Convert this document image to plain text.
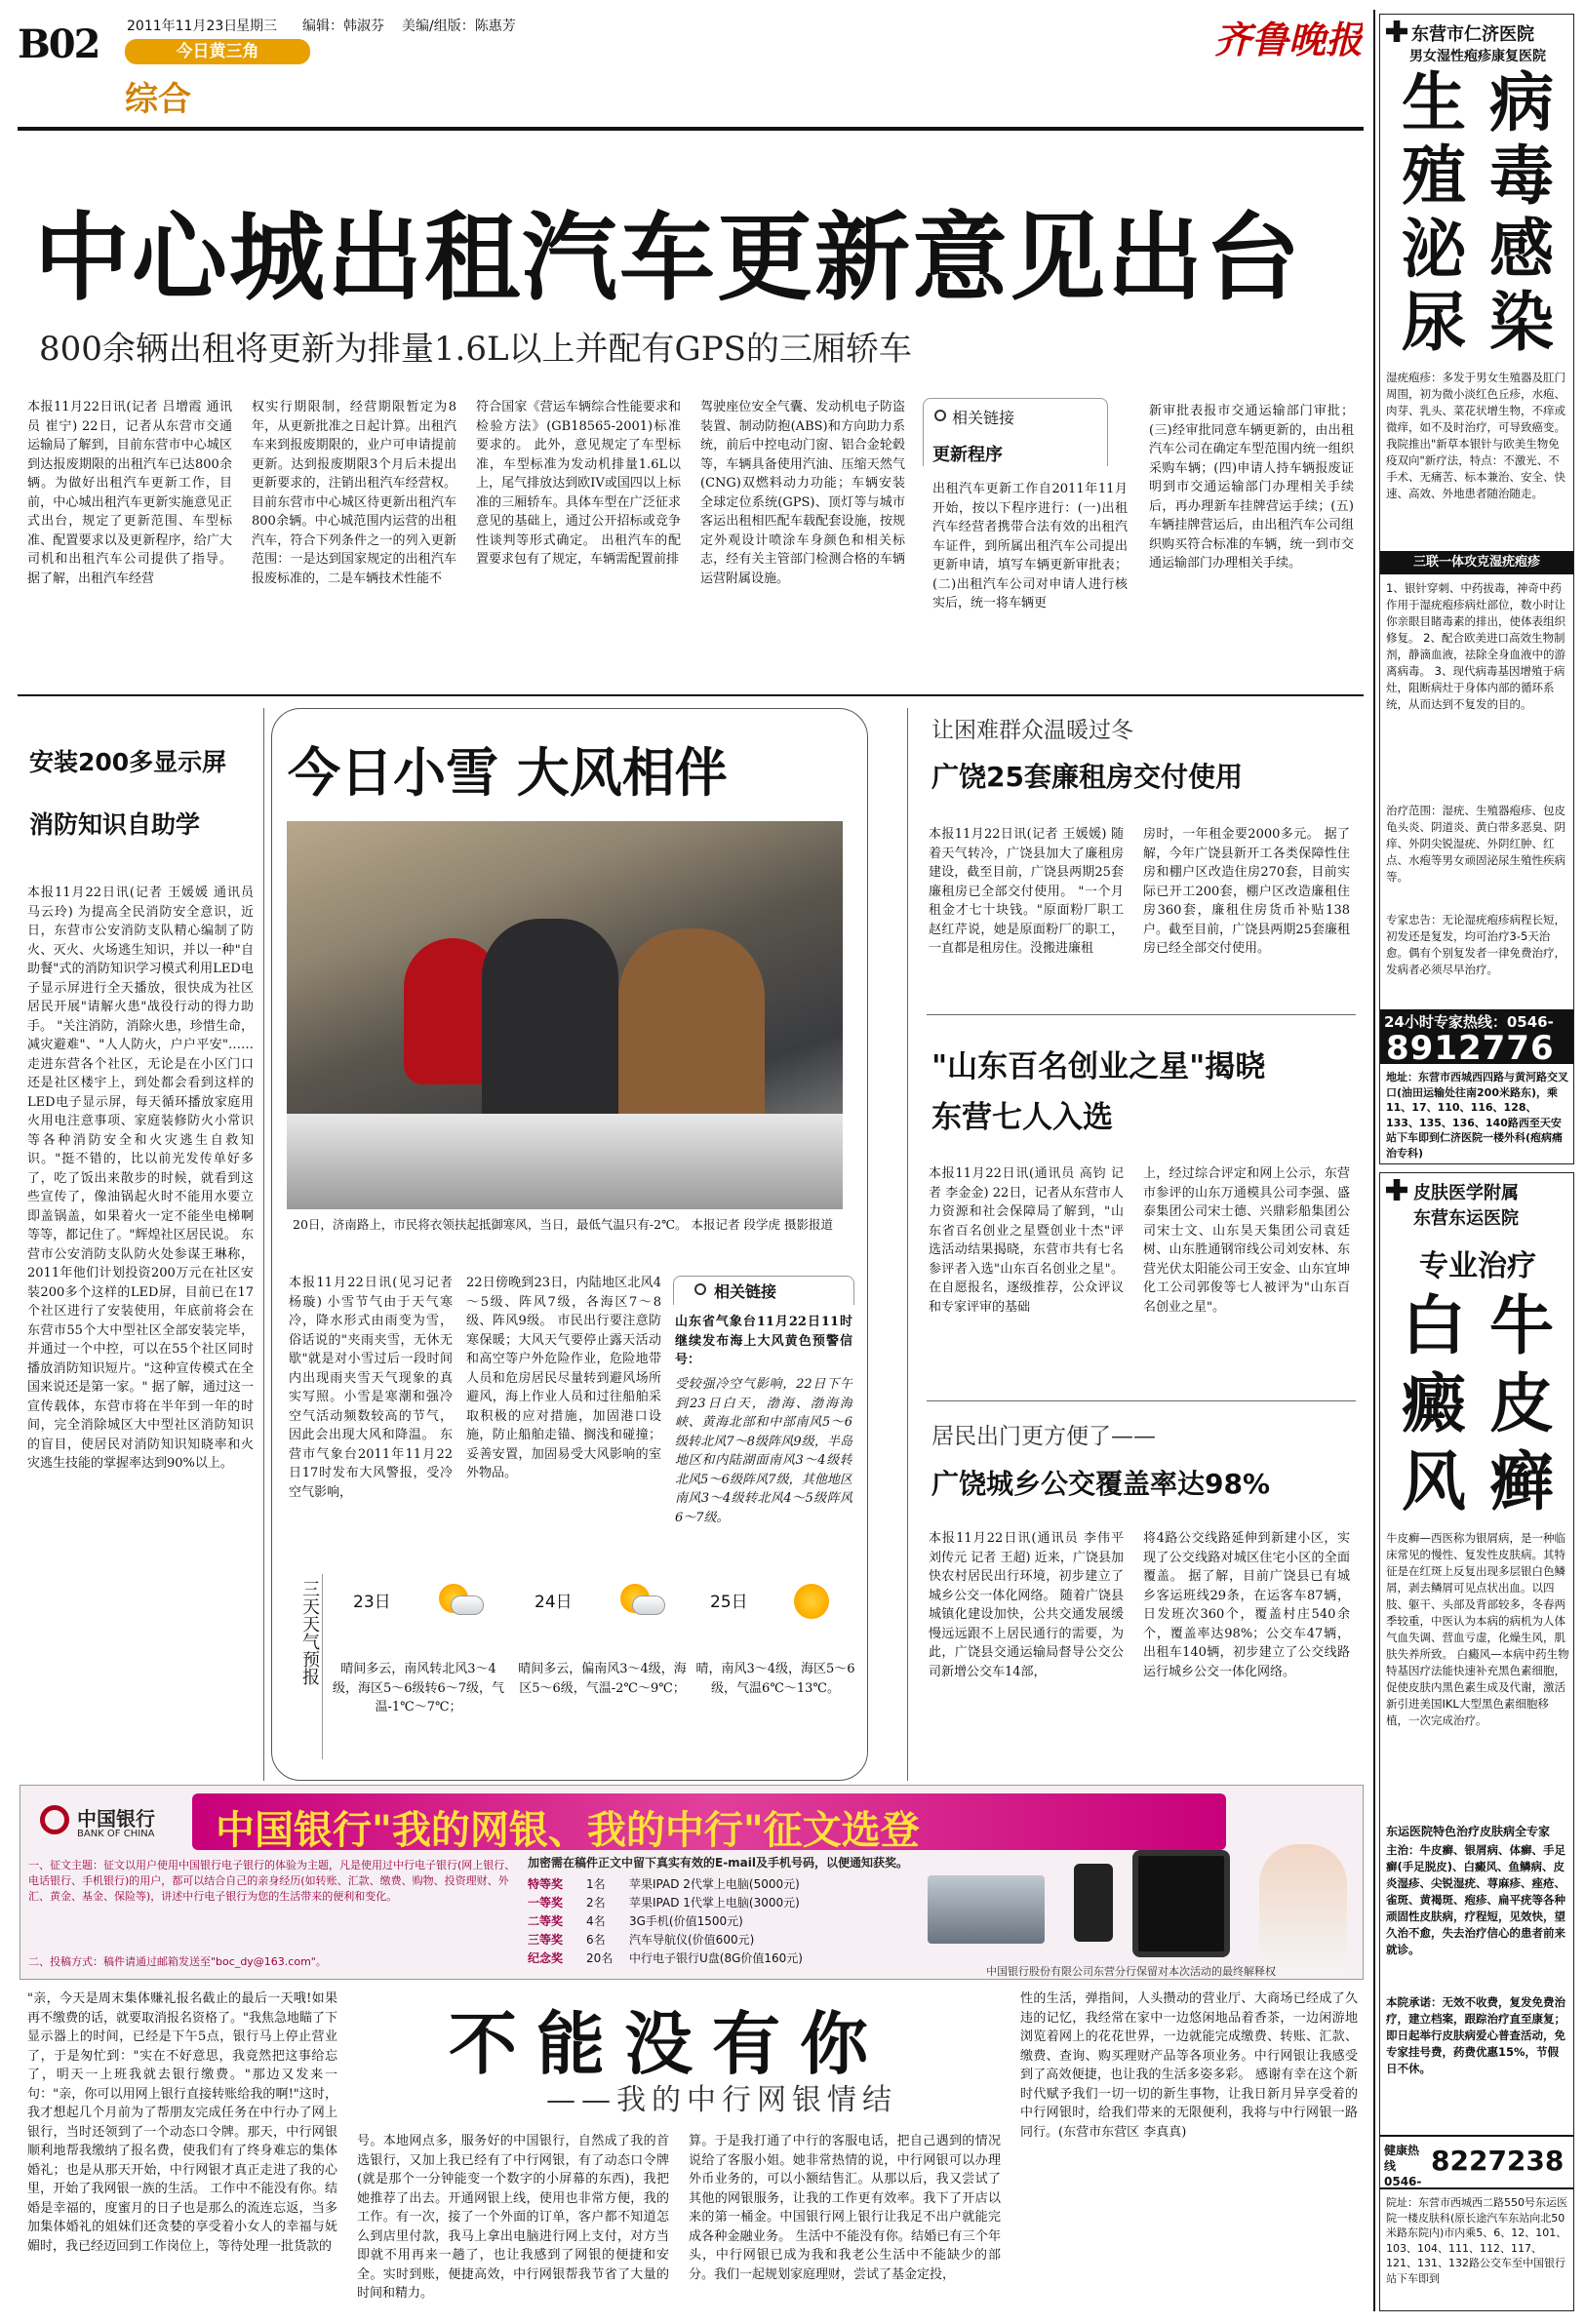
B02 2011年11月23日
星期三 编辑：韩淑芬 美编/组版：陈惠芳
今日黄三角
综合
齐鲁晚报
中心城出租汽车更新意见出台
800余辆出租将更新为排量1.6L以上并配有GPS的三厢轿车
本报11月22日讯(记者 吕增霞 通讯员 崔宁) 22日，记者从东营市交通运输局了解到，目前东营市中心城区到达报废期限的出租汽车已达800余辆。为做好出租汽车更新工作，目前，中心城出租汽车更新实施意见正式出台，规定了更新范围、车型标准、配置要求以及更新程序，给广大司机和出租汽车公司提供了指导。 据了解，出租汽车经营
权实行期限制，经营期限暂定为8年，从更新批准之日起计算。出租汽车来到报废期限的，业户可申请提前更新。达到报废期限3个月后未提出更新要求的，注销出租汽车经营权。目前东营市中心城区待更新出租汽车800余辆。中心城范围内运营的出租汽车，符合下列条件之一的列入更新范围：一是达到国家规定的出租汽车报废标准的，二是车辆技术性能不
符合国家《营运车辆综合性能要求和检验方法》(GB18565-2001)标准要求的。 此外，意见规定了车型标准，车型标准为发动机排量1.6L以上，尾气排放达到欧IV或国四以上标准的三厢轿车。具体车型在广泛征求意见的基础上，通过公开招标或竞争性谈判等形式确定。 出租汽车的配置要求包有了规定，车辆需配置前排
驾驶座位安全气囊、发动机电子防盗装置、制动防抱(ABS)和方向助力系统，前后中控电动门窗、铝合金轮毂等，车辆具备使用汽油、压缩天然气(CNG)双燃料动力功能；车辆安装全球定位系统(GPS)、顶灯等与城市客运出租相匹配车载配套设施，按规定外观设计喷涂车身颜色和相关标志，经有关主管部门检测合格的车辆运营附属设施。
相关链接
更新程序
出租汽车更新工作自2011年11月开始，按以下程序进行：(一)出租汽车经营者携带合法有效的出租汽车证件，到所属出租汽车公司提出更新申请，填写车辆更新审批表；(二)出租汽车公司对申请人进行核实后，统一将车辆更
新审批表报市交通运输部门审批；(三)经审批同意车辆更新的，由出租汽车公司在确定车型范围内统一组织采购车辆；(四)申请人持车辆报废证明到市交通运输部门办理相关手续后，再办理新车挂牌营运手续；(五)车辆挂牌营运后，由出租汽车公司组织购买符合标准的车辆，统一到市交通运输部门办理相关手续。
安装200多显示屏
消防知识自助学
本报11月22日讯(记者 王媛媛 通讯员 马云玲) 为提高全民消防安全意识，近日，东营市公安消防支队精心编制了防火、灭火、火场逃生知识，并以一种"自助餐"式的消防知识学习模式利用LED电子显示屏进行全天播放，很快成为社区居民开展"请解火患"战役行动的得力助手。 "关注消防，消除火患，珍惜生命，减灾避难"、"人人防火，户户平安"……走进东营各个社区，无论是在小区门口还是社区楼宇上，到处都会看到这样的LED电子显示屏，每天循环播放家庭用火用电注意事项、家庭装修防火小常识等各种消防安全和火灾逃生自救知识。"挺不错的，比以前光发传单好多了，吃了饭出来散步的时候，就看到这些宣传了，像油锅起火时不能用水要立即盖锅盖，如果着火一定不能坐电梯啊等等，都记住了。"辉煌社区居民说。 东营市公安消防支队防火处参谋王琳称，2011年他们计划投资200万元在社区安装200多个这样的LED屏，目前已在17个社区进行了安装使用，年底前将会在东营市55个大中型社区全部安装完毕，并通过一个中控，可以在55个社区同时播放消防知识短片。"这种宣传模式在全国来说还是第一家。" 据了解，通过这一宣传载体，东营市将在半年到一年的时间，完全消除城区大中型社区消防知识的盲目，使居民对消防知识知晓率和火灾逃生技能的掌握率达到90%以上。
今日小雪 大风相伴
20日，济南路上，市民将衣领扶起抵御寒风，当日，最低气温只有-2℃。 本报记者 段学虎 摄影报道
本报11月22日讯(见习记者 杨璇) 小雪节气由于天气寒冷，降水形式由雨变为雪，俗话说的"夹雨夹雪，无休无歇"就是对小雪过后一段时间内出现雨夹雪天气现象的真实写照。小雪是寒潮和强冷空气活动频数较高的节气，因此会出现大风和降温。 东营市气象台2011年11月22日17时发布大风警报，受冷空气影响，
22日傍晚到23日，内陆地区北风4～5级、阵风7级，各海区7～8级、阵风9级。 市民出行要注意防寒保暖；大风天气要停止露天活动和高空等户外危险作业，危险地带人员和危房居民尽量转到避风场所避风，海上作业人员和过往船舶采取积极的应对措施，加固港口设施，防止船舶走锚、搁浅和碰撞；妥善安置，加固易受大风影响的室外物品。
相关链接
山东省气象台11月22日11时继续发布海上大风黄色预警信号：
受较强冷空气影响，22日下午到23日白天，渤海、渤海海峡、黄海北部和中部南风5～6级转北风7～8级阵风9级，半岛地区和内陆湖面南风3～4级转北风5～6级阵风7级，其他地区南风3～4级转北风4～5级阵风6～7级。
三天天气预报 23日
晴间多云，南风转北风3～4级，海区5～6级转6～7级，气温-1℃～7℃；
24日
晴间多云，偏南风3～4级，海区5～6级，气温-2℃～9℃；
25日
晴，南风3～4级，海区5～6级，气温6℃～13℃。
让困难群众温暖过冬
广饶25套廉租房交付使用
本报11月22日讯(记者 王媛媛) 随着天气转冷，广饶县加大了廉租房建设，截至目前，广饶县两期25套廉租房已全部交付使用。 "一个月租金才七十块钱。"原面粉厂职工赵红芹说，她是原面粉厂的职工，一直都是租房住。没搬进廉租
房时，一年租金要2000多元。 据了解，今年广饶县新开工各类保障性住房和棚户区改造住房270套，目前实际已开工200套，棚户区改造廉租住房360套，廉租住房货币补贴138户。截至目前，广饶县两期25套廉租房已经全部交付使用。
"山东百名创业之星"揭晓
东营七人入选
本报11月22日讯(通讯员 高钧 记者 李金金) 22日，记者从东营市人力资源和社会保障局了解到，"山东省百名创业之星暨创业十杰"评选活动结果揭晓，东营市共有七名参评者入选"山东百名创业之星"。 在自愿报名，逐级推荐，公众评议和专家评审的基础
上，经过综合评定和网上公示，东营市参评的山东万通模具公司李强、盛泰集团公司宋士德、兴鼎彩船集团公司宋士文、山东昊天集团公司袁廷树、山东胜通钢帘线公司刘安林、东营光伏太阳能公司王安金、山东宜坤化工公司郭俊等七人被评为"山东百名创业之星"。
居民出门更方便了——
广饶城乡公交覆盖率达98%
本报11月22日讯(通讯员 李伟平 刘传元 记者 王超) 近来，广饶县加快农村居民出行环境，初步建立了城乡公交一体化网络。 随着广饶县城镇化建设加快，公共交通发展缓慢远远跟不上居民通行的需要，为此，广饶县交通运输局督导公交公司新增公交车14部，
将4路公交线路延伸到新建小区，实现了公交线路对城区住宅小区的全面覆盖。 据了解，目前广饶县已有城乡客运班线29条，在运客车87辆，日发班次360个，覆盖村庄540余个，覆盖率达98%；公交车47辆，出租车140辆，初步建立了公交线路运行城乡公交一体化网络。
中国银行
BANK OF CHINA 中国银行"我的网银、我的中行"征文选登
一、征文主题：征文以用户使用中国银行电子银行的体验为主题，凡是使用过中行电子银行(网上银行、电话银行、手机银行)的用户，都可以结合自己的亲身经历(如转账、汇款、缴费、购物、投资理财、外汇、黄金、基金、保险等)，讲述中行电子银行为您的生活带来的便利和变化。
二、投稿方式：稿件请通过邮箱发送至"boc_dy@163.com"。
加密需在稿件正文中留下真实有效的E-mail及手机号码，以便通知获奖。
特等奖	1名	苹果IPAD 2代掌上电脑(5000元)
一等奖	2名	苹果IPAD 1代掌上电脑(3000元)
二等奖	4名	3G手机(价值1500元)
三等奖	6名	汽车导航仪(价值600元)
纪念奖	20名	中行电子银行U盘(8G价值160元)
中国银行股份有限公司东营分行保留对本次活动的最终解释权
"亲，今天是周末集体赚礼报名截止的最后一天哦!如果再不缴费的话，就要取消报名资格了。"我焦急地瞄了下显示器上的时间，已经是下午5点，银行马上停止营业了，于是匆忙到："实在不好意思，我竟然把这事给忘了，明天一上班我就去银行缴费。"那边又发来一句："亲，你可以用网上银行直接转账给我的啊!"这时，我才想起几个月前为了帮朋友完成任务在中行办了网上银行，当时还领到了一个动态口令牌。那天，中行网银顺利地帮我缴纳了报名费，使我们有了终身难忘的集体婚礼；也是从那天开始，中行网银才真正走进了我的心里，开始了我网银一族的生活。 工作中不能没有你。结婚是幸福的，度蜜月的日子也是那么的流连忘返，当多加集体婚礼的姐妹们还贪婪的享受着小女人的幸福与妩媚时，我已经迈回到工作岗位上，等待处理一批货款的
不能没有你
——我的中行网银情结
号。本地网点多，服务好的中国银行，自然成了我的首选银行，又加上我已经有了中行网银，有了动态口令牌(就是那个一分钟能变一个数字的小屏幕的东西)，我把她推荐了出去。开通网银上线，使用也非常方便，我的工作。有一次，接了一个外面的订单，客户都不知道怎么到店里付款，我马上拿出电脑进行网上支付，对方当即就不用再来一趟了，也让我感到了网银的便捷和安全。实时到账，便捷高效，中行网银帮我节省了大量的时间和精力。
算。于是我打通了中行的客服电话，把自己遇到的情况说给了客服小姐。她非常热情的说，中行网银可以办理外币业务的，可以小额结售汇。从那以后，我又尝试了其他的网银服务，让我的工作更有效率。我下了开店以来的第一桶金。中国银行网上银行让我足不出户就能完成各种金融业务。 生活中不能没有你。结婚已有三个年头，中行网银已成为我和我老公生活中不能缺少的部分。我们一起规划家庭理财，尝试了基金定投，
性的生活，弹指间，人头攒动的营业厅、大商场已经成了久违的记忆，我经常在家中一边悠闲地品着香茶，一边闲游地浏览着网上的花花世界，一边就能完成缴费、转账、汇款、缴费、查询、购买理财产品等各项业务。中行网银让我感受到了高效便捷，也让我的生活多姿多彩。 感谢有幸在这个新时代赋予我们一切一切的新生事物，让我日新月异享受着的中行网银时，给我们带来的无限便利，我将与中行网银一路同行。(东营市东营区 李真真)
东营市仁济医院
男女湿性疱疹康复医院
生
殖
泌
尿
病
毒
感
染
湿疣疱疹：多发于男女生殖器及肛门周围，初为微小淡红色丘疹，水疱、肉芽、乳头、菜花状增生物，不痒或微痒，如不及时治疗，可导致癌变。我院推出"新草本银针与欧美生物免疫双向"新疗法，特点：不激光、不手术、无痛苦、标本兼治、安全、快速、高效、外地患者随治随走。
三联一体攻克湿疣疱疹
1、银针穿刺、中药拔毒，神奇中药作用于湿疣疱疹病灶部位，数小时让你亲眼目睹毒素的排出，使体表组织修复。 2、配合欧美进口高效生物制剂，静滴血液，祛除全身血液中的游离病毒。 3、现代病毒基因增殖于病灶，阻断病灶于身体内部的循环系统，从而达到不复发的目的。
治疗范围：湿疣、生殖器疱疹、包皮龟头炎、阴道炎、黄白带多恶臭、阴痒、外阴尖锐湿疣、外阴红肿、红点、水疱等男女顽固泌尿生殖性疾病等。
专家忠告：无论湿疣疱疹病程长短，初发还是复发，均可治疗3-5天治愈。偶有个别复发者一律免费治疗，发病者必须尽早治疗。
24小时专家热线：0546-
8912776
地址：东营市西城西四路与黄河路交叉口(油田运输处往南200米路东)，乘11、17、110、116、128、133、135、136、140路西至天安站下车即到仁济医院一楼外科(疱病痛治专科)
皮肤医学附属
东营东运医院
专业治疗
白
癜
风
牛
皮
癣
牛皮癣—西医称为银屑病，是一种临床常见的慢性、复发性皮肤病。其特征是在红斑上反复出现多层银白色鳞屑，剥去鳞屑可见点状出血。以四肢、躯干、头部及背部较多，冬春两季较重，中医认为本病的病机为人体气血失调、营血亏虚，化燥生风，肌肤失养所致。 白癜风—本病中药生物特基因疗法能快速补充黑色素细胞，促使皮肤内黑色素生成及代谢，激活新引进美国IKL大型黑色素细胞移植，一次完成治疗。
东运医院特色治疗皮肤病全专家
主治：牛皮癣、银屑病、体癣、手足癣(手足脱皮)、白癜风、鱼鳞病、皮炎湿疹、尖锐湿疣、荨麻疹、痤疮、雀斑、黄褐斑、疱疹、扁平疣等各种顽固性皮肤病，疗程短，见效快，望久治不愈，失去治疗信心的患者前来就诊。
本院承诺：无效不收费，复发免费治疗，建立档案，跟踪治疗直至康复；即日起举行皮肤病爱心普查活动，免专家挂号费，药费优惠15%，节假日不休。
健康热线0546-
8227238
院址：东营市西城西二路550号东运医院一楼皮肤科(原长途汽车东站向北50米路东院内)市内乘5、6、12、101、103、104、111、112、117、121、131、132路公交车至中国银行站下车即到
